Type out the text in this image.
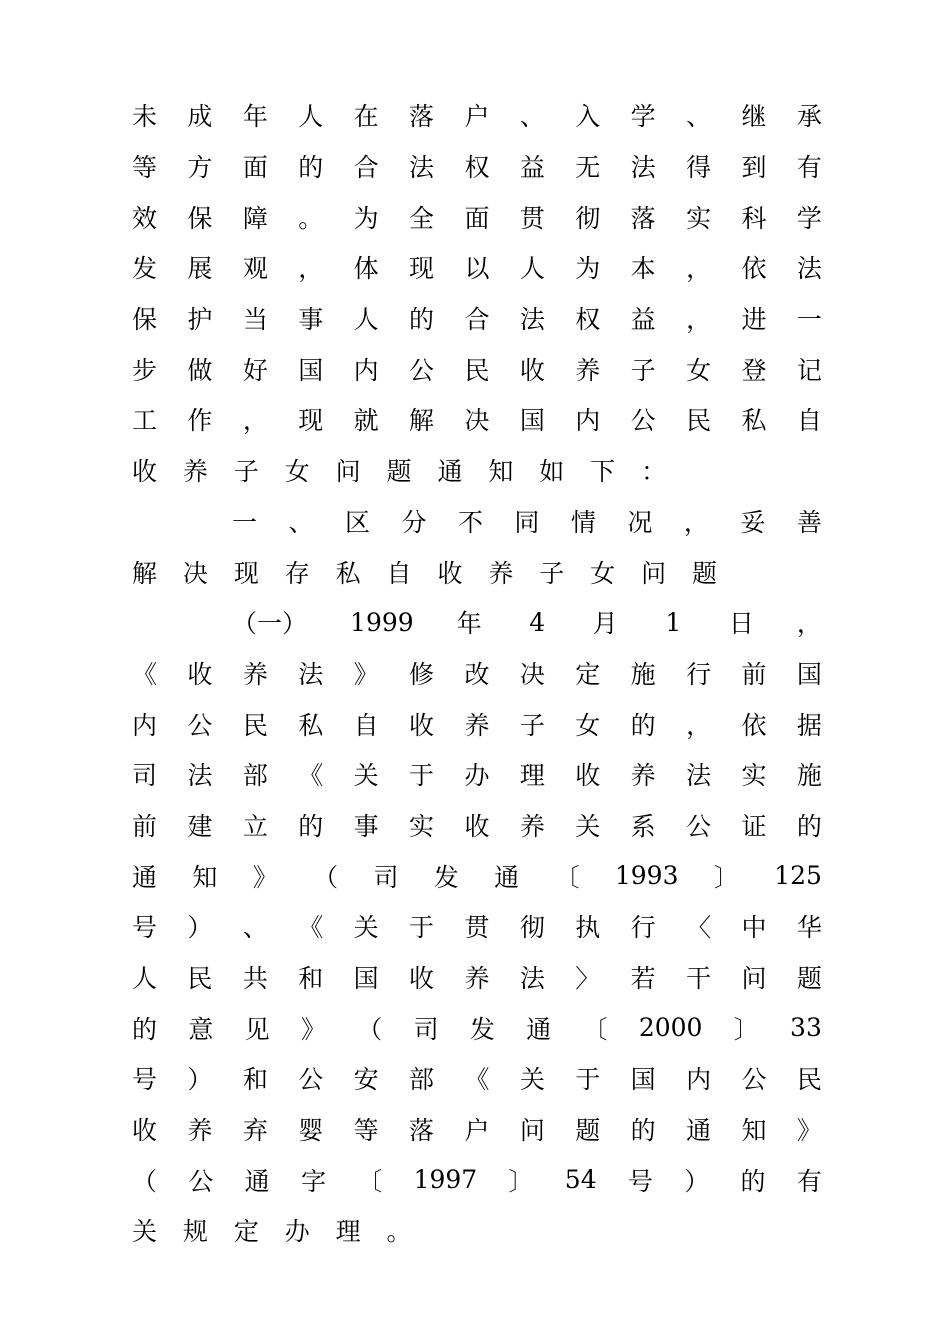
未 成 年 人 在 落 户 、 入 学 、 继 承
等 方 面 的 合 法 权 益 无 法 得 到 有
效 保 障 。 为 全 面 贯 彻 落 实 科 学
发 展 观 ， 体 现 以 人 为 本 ， 依 法
保 护 当 事 人 的 合 法 权 益 ， 进 一
步 做 好 国 内 公 民 收 养 子 女 登 记
工 作 ， 现 就 解 决 国 内 公 民 私 自
收 养 子 女 问 题 通 知 如 下 ：
一 、 区 分 不 同 情 况 ， 妥 善
解 决 现 存 私 自 收 养 子 女 问 题
（一） 1999 年 4 月 1 日 ，
《 收 养 法 》 修 改 决 定 施 行 前 国
内 公 民 私 自 收 养 子 女 的 ， 依 据
司 法 部 《 关 于 办 理 收 养 法 实 施
前 建 立 的 事 实 收 养 关 系 公 证 的
通 知 》 （ 司 发 通 〔 1993 〕 125
号 ） 、 《 关 于 贯 彻 执 行 〈 中 华
人 民 共 和 国 收 养 法 〉 若 干 问 题
的 意 见 》 （ 司 发 通 〔 2000 〕 33
号 ） 和 公 安 部 《 关 于 国 内 公 民
收 养 弃 婴 等 落 户 问 题 的 通 知 》
（ 公 通 字 〔 1997 〕 54 号 ） 的 有
关 规 定 办 理 。
